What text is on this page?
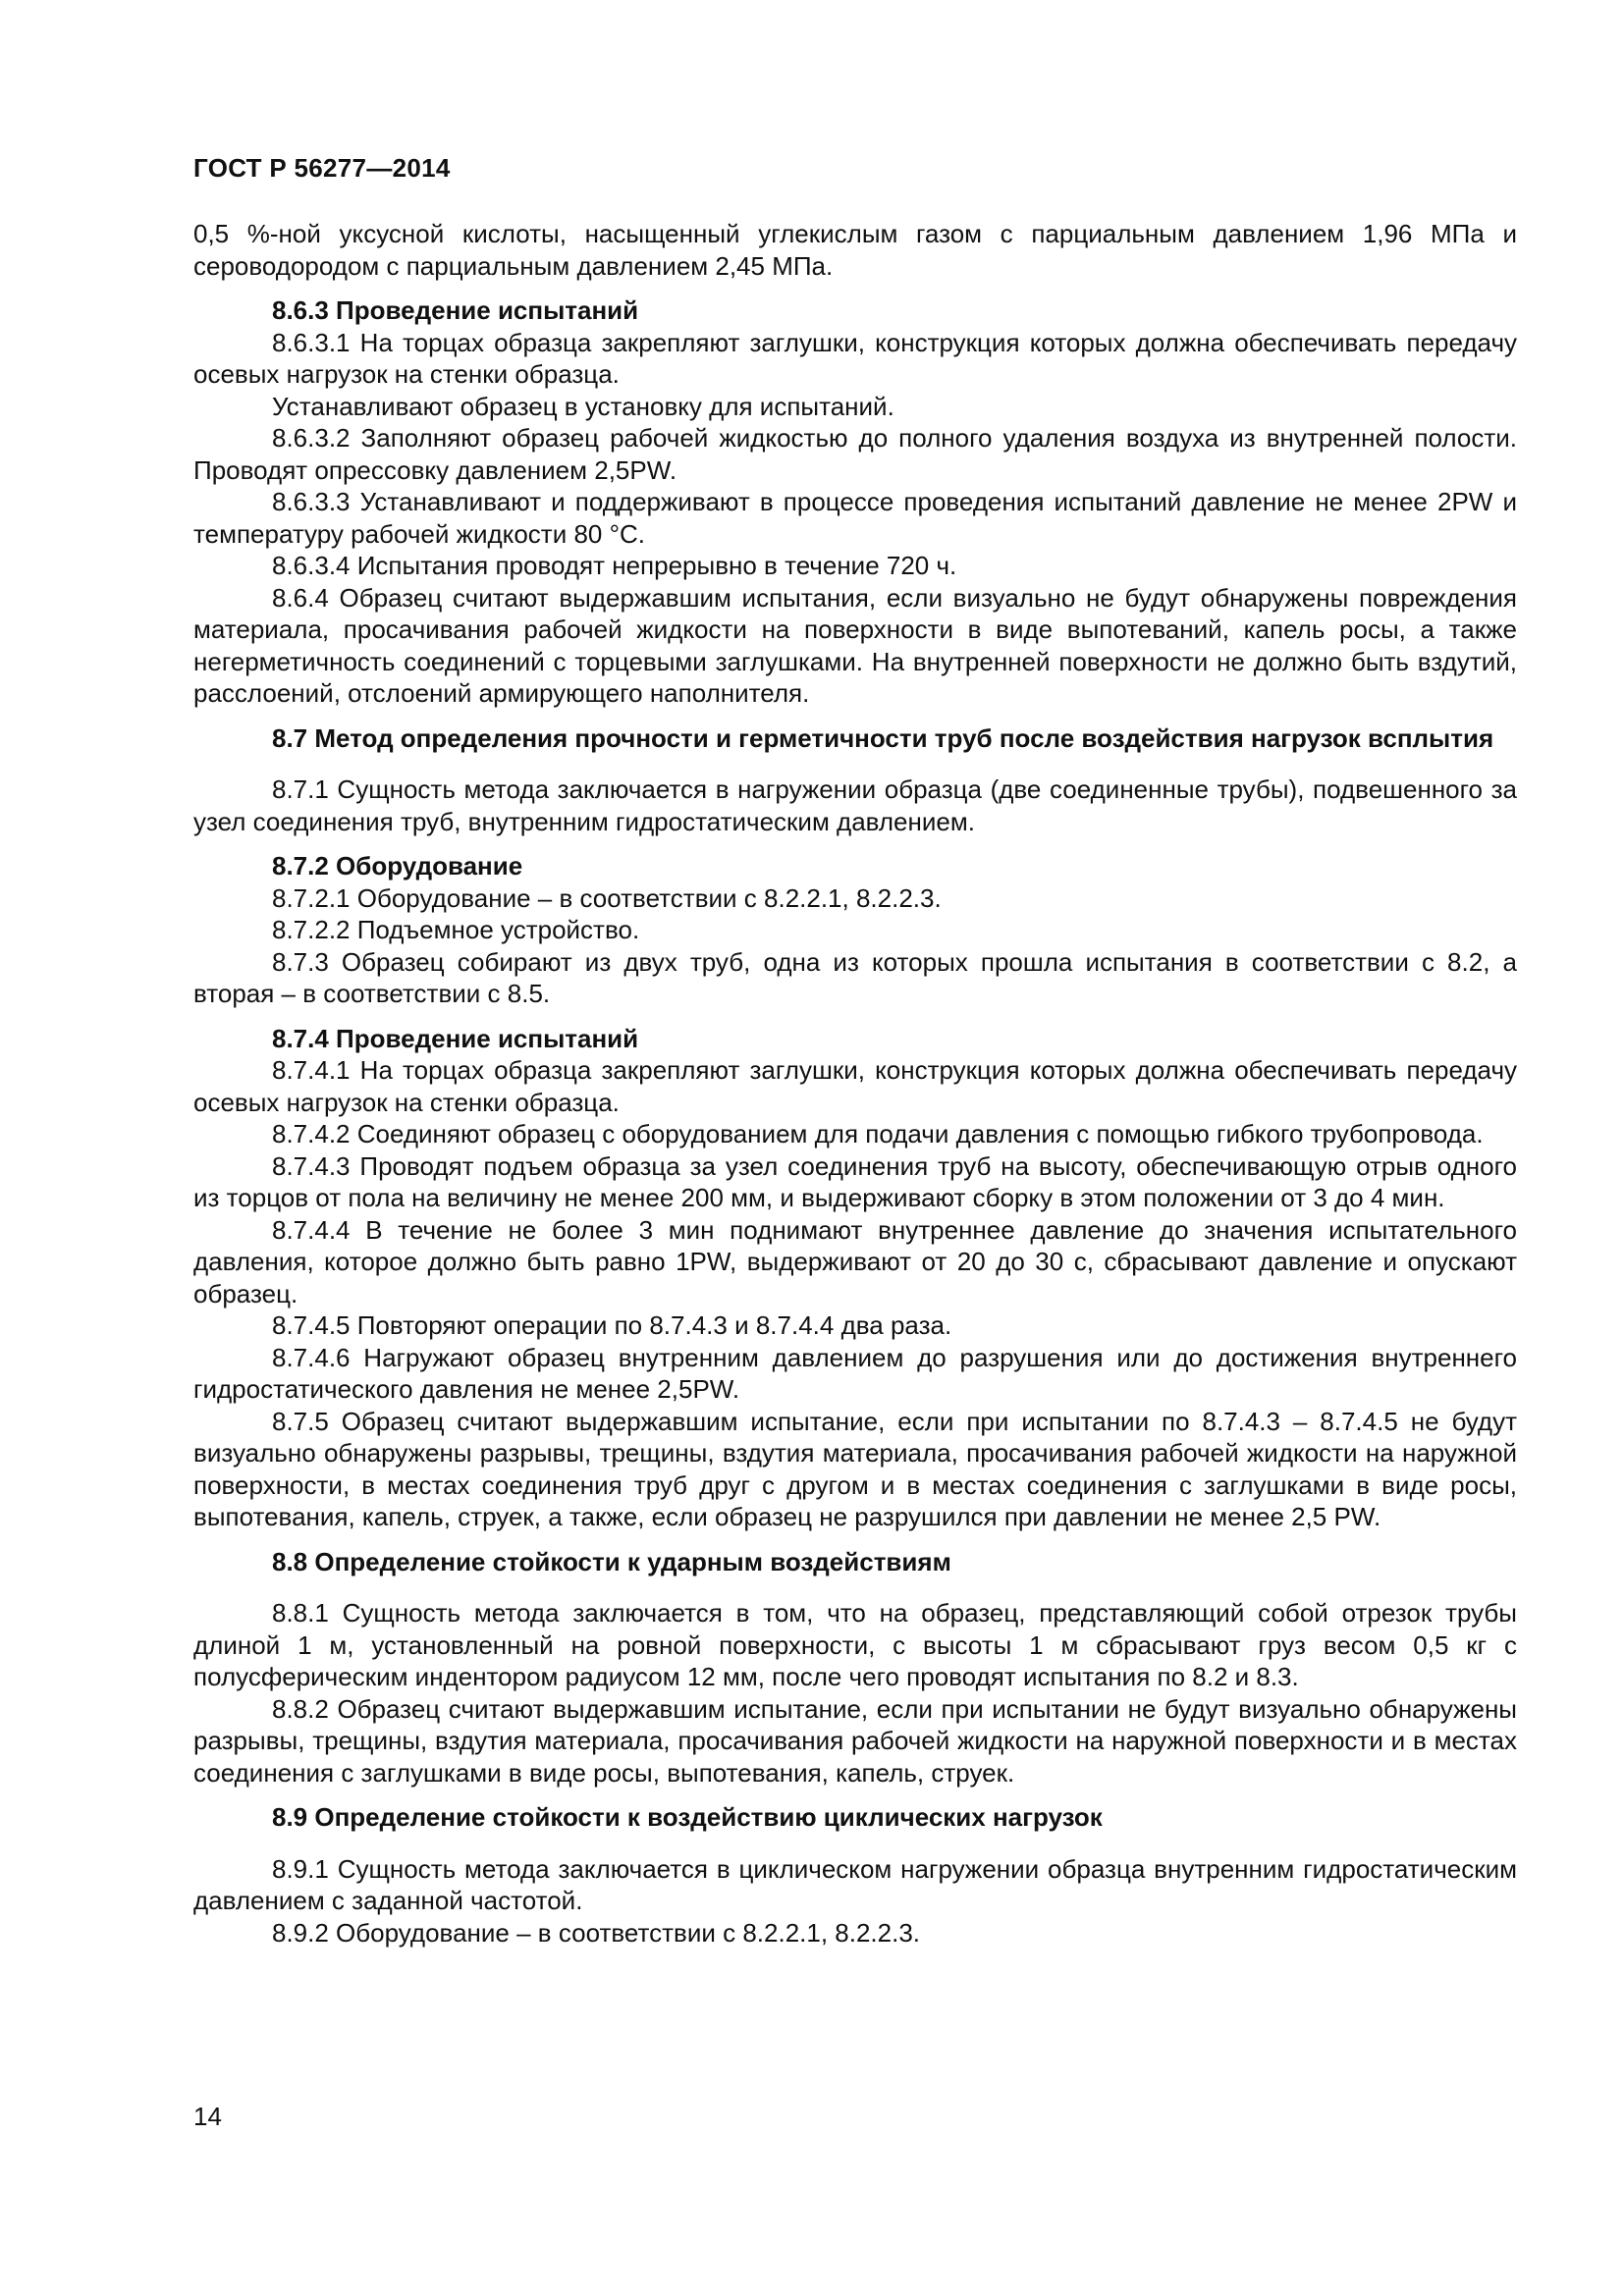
ГОСТ Р 56277—2014

0,5 %-ной уксусной кислоты, насыщенный углекислым газом с парциальным давлением 1,96 МПа и сероводородом с парциальным давлением 2,45 МПа.

8.6.3 Проведение испытаний

8.6.3.1 На торцах образца закрепляют заглушки, конструкция которых должна обеспечивать передачу осевых нагрузок на стенки образца.

Устанавливают образец в установку для испытаний.

8.6.3.2 Заполняют образец рабочей жидкостью до полного удаления воздуха из внутренней полости. Проводят опрессовку давлением 2,5PW.

8.6.3.3 Устанавливают и поддерживают в процессе проведения испытаний давление не менее 2PW и температуру рабочей жидкости 80 °С.

8.6.3.4 Испытания проводят непрерывно в течение 720 ч.

8.6.4 Образец считают выдержавшим испытания, если визуально не будут обнаружены повреждения материала, просачивания рабочей жидкости на поверхности в виде выпотеваний, капель росы, а также негерметичность соединений с торцевыми заглушками. На внутренней поверхности не должно быть вздутий, расслоений, отслоений армирующего наполнителя.

8.7 Метод определения прочности и герметичности труб после воздействия нагрузок всплытия

8.7.1 Сущность метода заключается в нагружении образца (две соединенные трубы), подвешенного за узел соединения труб, внутренним гидростатическим давлением.

8.7.2 Оборудование

8.7.2.1 Оборудование – в соответствии с 8.2.2.1, 8.2.2.3.

8.7.2.2 Подъемное устройство.

8.7.3 Образец собирают из двух труб, одна из которых прошла испытания в соответствии с 8.2, а вторая – в соответствии с 8.5.

8.7.4 Проведение испытаний

8.7.4.1 На торцах образца закрепляют заглушки, конструкция которых должна обеспечивать передачу осевых нагрузок на стенки образца.

8.7.4.2 Соединяют образец с оборудованием для подачи давления с помощью гибкого трубопровода.

8.7.4.3 Проводят подъем образца за узел соединения труб на высоту, обеспечивающую отрыв одного из торцов от пола на величину не менее 200 мм, и выдерживают сборку в этом положении от 3 до 4 мин.

8.7.4.4 В течение не более 3 мин поднимают внутреннее давление до значения испытательного давления, которое должно быть равно 1PW, выдерживают от 20 до 30 с, сбрасывают давление и опускают образец.

8.7.4.5 Повторяют операции по 8.7.4.3 и 8.7.4.4 два раза.

8.7.4.6 Нагружают образец внутренним давлением до разрушения или до достижения внутреннего гидростатического давления не менее 2,5PW.

8.7.5 Образец считают выдержавшим испытание, если при испытании по 8.7.4.3 – 8.7.4.5 не будут визуально обнаружены разрывы, трещины, вздутия материала, просачивания рабочей жидкости на наружной поверхности, в местах соединения труб друг с другом и в местах соединения с заглушками в виде росы, выпотевания, капель, струек, а также, если образец не разрушился при давлении не менее 2,5 PW.

8.8 Определение стойкости к ударным воздействиям

8.8.1 Сущность метода заключается в том, что на образец, представляющий собой отрезок трубы длиной 1 м, установленный на ровной поверхности, с высоты 1 м сбрасывают груз весом 0,5 кг с полусферическим индентором радиусом 12 мм, после чего проводят испытания по 8.2 и 8.3.

8.8.2 Образец считают выдержавшим испытание, если при испытании не будут визуально обнаружены разрывы, трещины, вздутия материала, просачивания рабочей жидкости на наружной поверхности и в местах соединения с заглушками в виде росы, выпотевания, капель, струек.

8.9 Определение стойкости к воздействию циклических нагрузок

8.9.1 Сущность метода заключается в циклическом нагружении образца внутренним гидростатическим давлением с заданной частотой.

8.9.2 Оборудование – в соответствии с 8.2.2.1, 8.2.2.3.

14
